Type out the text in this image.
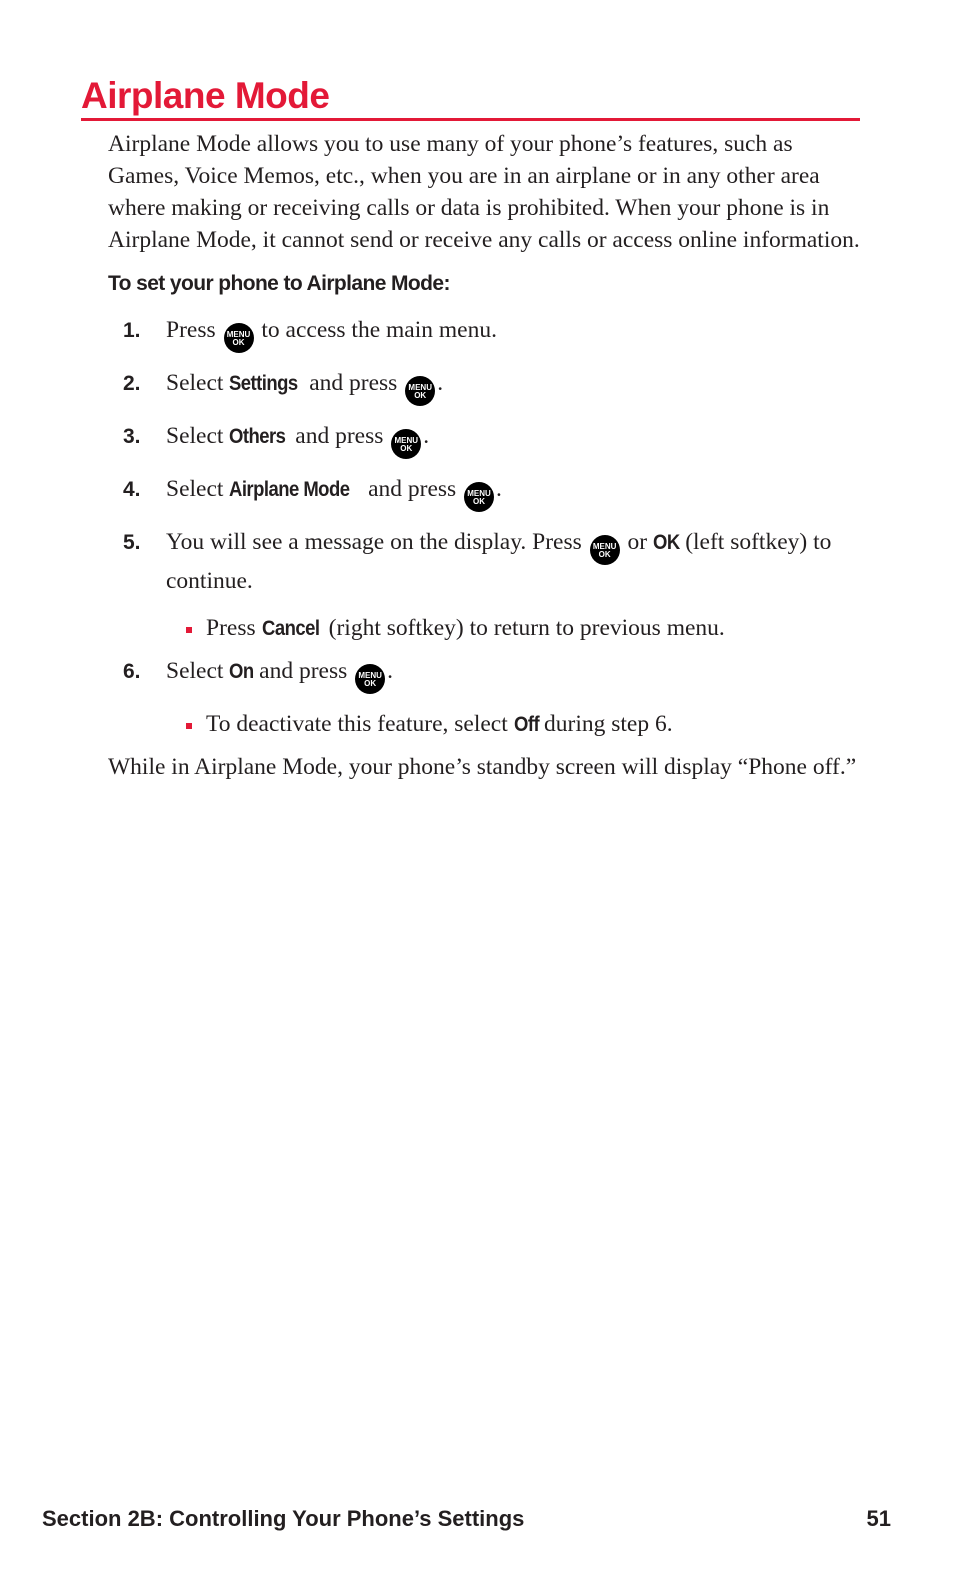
Airplane Mode

Airplane Mode allows you to use many of your phone’s features, such as Games, Voice Memos, etc., when you are in an airplane or in any other area where making or receiving calls or data is prohibited. When your phone is in Airplane Mode, it cannot send or receive any calls or access online information.

To set your phone to Airplane Mode:

1. Press MENU
OK to access the main menu.
2. Select Settings and press MENU
OK .
3. Select Others and press MENU
OK .
4. Select Airplane Mode and press MENU
OK .
5. You will see a message on the display. Press MENU
OK or OK (left softkey) to continue.
Press Cancel (right softkey) to return to previous menu.
6. Select On and press MENU
OK .
To deactivate this feature, select Off during step 6.

While in Airplane Mode, your phone’s standby screen will display “Phone off.”

Section 2B: Controlling Your Phone’s Settings	51
